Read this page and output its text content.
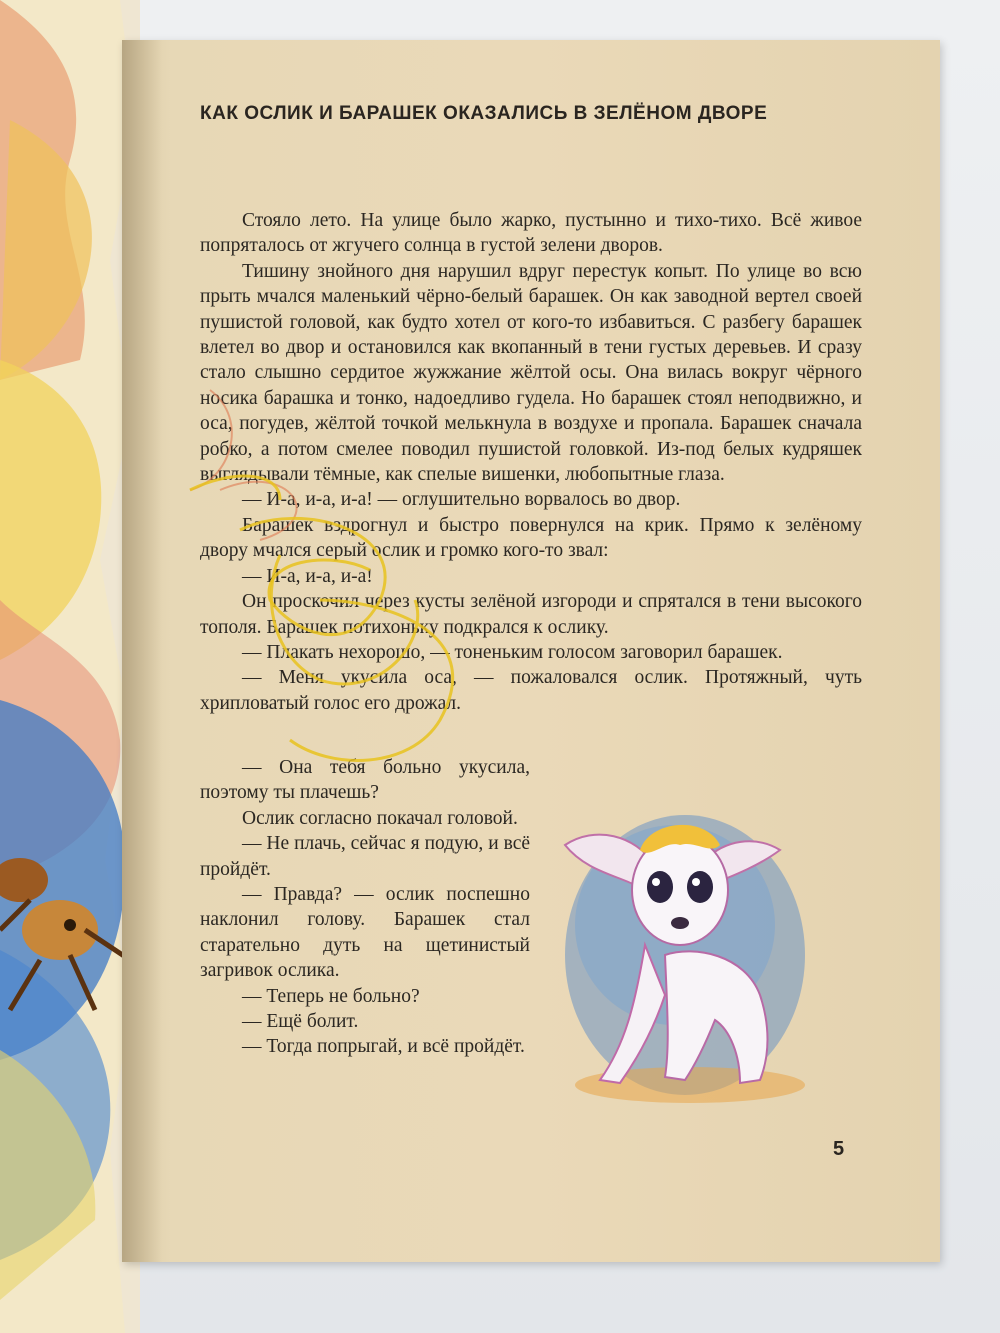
КАК ОСЛИК И БАРАШЕК ОКАЗАЛИСЬ В ЗЕЛЁНОМ ДВОРЕ

Стояло лето. На улице было жарко, пустынно и тихо-тихо. Всё живое попряталось от жгучего солнца в густой зелени дворов.

Тишину знойного дня нарушил вдруг перестук копыт. По улице во всю прыть мчался маленький чёрно-белый барашек. Он как заводной вертел своей пушистой головой, как будто хотел от кого-то избавиться. С разбегу барашек влетел во двор и остановился как вкопанный в тени густых деревьев. И сразу стало слышно сердитое жужжание жёлтой осы. Она вилась вокруг чёрного носика барашка и тонко, надоедливо гудела. Но барашек стоял неподвижно, и оса, погудев, жёлтой точкой мелькнула в воздухе и пропала. Барашек сначала робко, а потом смелее поводил пушистой головкой. Из-под белых кудряшек выглядывали тёмные, как спелые вишенки, любопытные глаза.

— И-а, и-а, и-а! — оглушительно ворвалось во двор.

Барашек вздрогнул и быстро повернулся на крик. Прямо к зелёному двору мчался серый ослик и громко кого-то звал:

— И-а, и-а, и-а!

Он проскочил через кусты зелёной изгороди и спрятался в тени высокого тополя. Барашек потихоньку подкрался к ослику.

— Плакать нехорошо, — тоненьким голосом заговорил барашек.

— Меня укусила оса, — пожаловался ослик. Протяжный, чуть хрипловатый голос его дрожал.

— Она тебя больно укусила, поэтому ты плачешь?

Ослик согласно покачал головой.

— Не плачь, сейчас я подую, и всё пройдёт.

— Правда? — ослик поспешно наклонил голову. Барашек стал старательно дуть на щетинистый загривок ослика.

— Теперь не больно?

— Ещё болит.

— Тогда попрыгай, и всё пройдёт.

5
